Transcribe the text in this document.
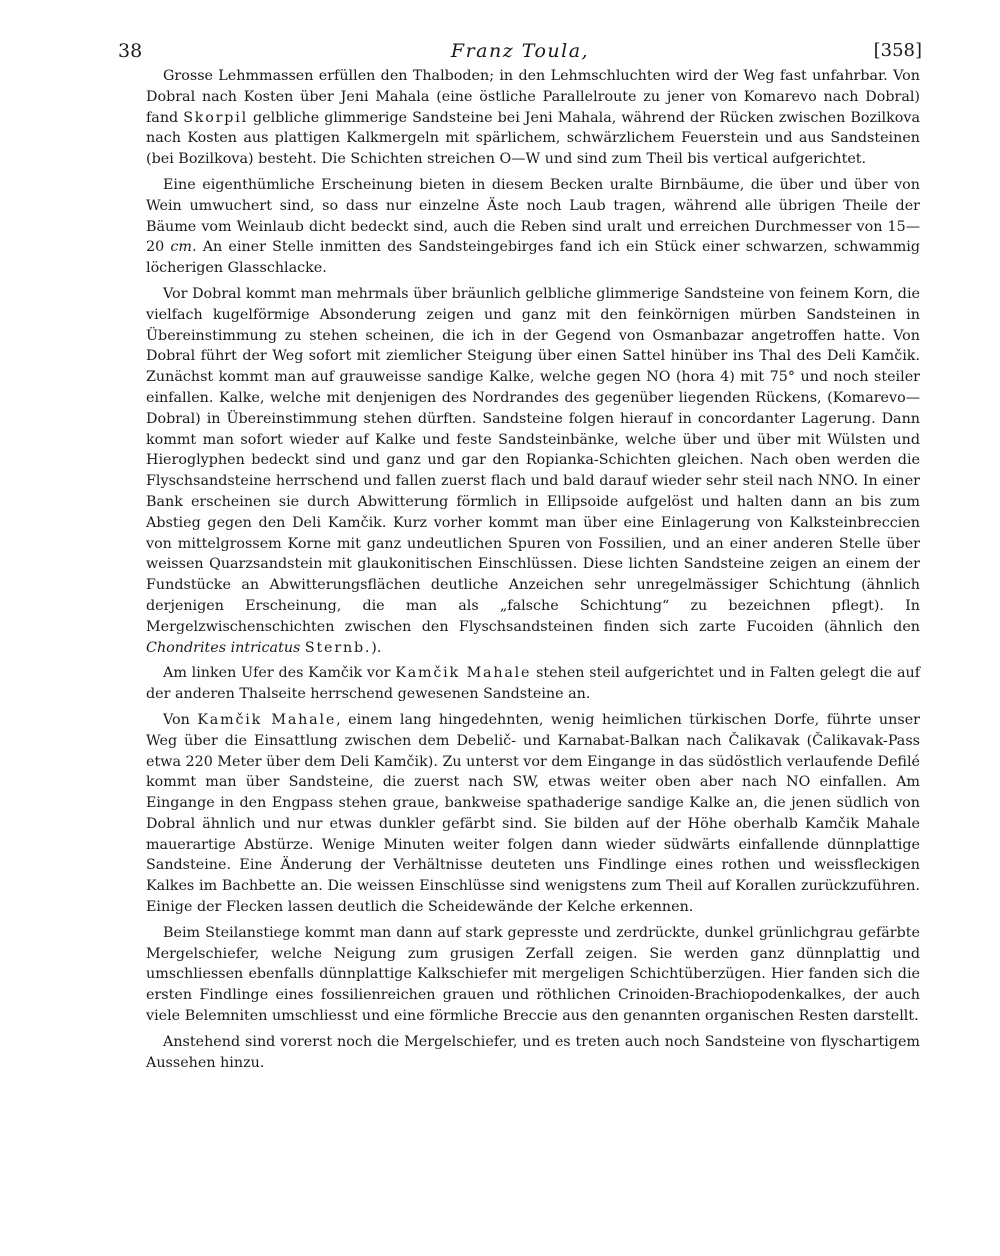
38	Franz Toula,	[358]

Grosse Lehmmassen erfüllen den Thalboden; in den Lehmschluchten wird der Weg fast unfahrbar. Von Dobral nach Kosten über Jeni Mahala (eine östliche Parallelroute zu jener von Komarevo nach Dobral) fand Skorpil gelbliche glimmerige Sandsteine bei Jeni Mahala, während der Rücken zwischen Bozilkova nach Kosten aus plattigen Kalkmergeln mit spärlichem, schwärzlichem Feuerstein und aus Sandsteinen (bei Bozilkova) besteht. Die Schichten streichen O—W und sind zum Theil bis vertical aufgerichtet.

Eine eigenthümliche Erscheinung bieten in diesem Becken uralte Birnbäume, die über und über von Wein umwuchert sind, so dass nur einzelne Äste noch Laub tragen, während alle übrigen Theile der Bäume vom Weinlaub dicht bedeckt sind, auch die Reben sind uralt und erreichen Durchmesser von 15—20 cm. An einer Stelle inmitten des Sandsteingebirges fand ich ein Stück einer schwarzen, schwammig löcherigen Glasschlacke.

Vor Dobral kommt man mehrmals über bräunlich gelbliche glimmerige Sandsteine von feinem Korn, die vielfach kugelförmige Absonderung zeigen und ganz mit den feinkörnigen mürben Sandsteinen in Übereinstimmung zu stehen scheinen, die ich in der Gegend von Osmanbazar angetroffen hatte. Von Dobral führt der Weg sofort mit ziemlicher Steigung über einen Sattel hinüber ins Thal des Deli Kamčik. Zunächst kommt man auf grauweisse sandige Kalke, welche gegen NO (hora 4) mit 75° und noch steiler einfallen. Kalke, welche mit denjenigen des Nordrandes des gegenüber liegenden Rückens, (Komarevo—Dobral) in Übereinstimmung stehen dürften. Sandsteine folgen hierauf in concordanter Lagerung. Dann kommt man sofort wieder auf Kalke und feste Sandsteinbänke, welche über und über mit Wülsten und Hieroglyphen bedeckt sind und ganz und gar den Ropianka-Schichten gleichen. Nach oben werden die Flyschsandsteine herrschend und fallen zuerst flach und bald darauf wieder sehr steil nach NNO. In einer Bank erscheinen sie durch Abwitterung förmlich in Ellipsoide aufgelöst und halten dann an bis zum Abstieg gegen den Deli Kamčik. Kurz vorher kommt man über eine Einlagerung von Kalksteinbreccien von mittelgrossem Korne mit ganz undeutlichen Spuren von Fossilien, und an einer anderen Stelle über weissen Quarzsandstein mit glaukonitischen Einschlüssen. Diese lichten Sandsteine zeigen an einem der Fundstücke an Abwitterungsflächen deutliche Anzeichen sehr unregelmässiger Schichtung (ähnlich derjenigen Erscheinung, die man als „falsche Schichtung“ zu bezeichnen pflegt). In Mergelzwischenschichten zwischen den Flyschsandsteinen finden sich zarte Fucoiden (ähnlich den Chondrites intricatus Sternb.).

Am linken Ufer des Kamčik vor Kamčik Mahale stehen steil aufgerichtet und in Falten gelegt die auf der anderen Thalseite herrschend gewesenen Sandsteine an.

Von Kamčik Mahale, einem lang hingedehnten, wenig heimlichen türkischen Dorfe, führte unser Weg über die Einsattlung zwischen dem Debelič- und Karnabat-Balkan nach Čalikavak (Čalikavak-Pass etwa 220 Meter über dem Deli Kamčik). Zu unterst vor dem Eingange in das südöstlich verlaufende Defilé kommt man über Sandsteine, die zuerst nach SW, etwas weiter oben aber nach NO einfallen. Am Eingange in den Engpass stehen graue, bankweise spathaderige sandige Kalke an, die jenen südlich von Dobral ähnlich und nur etwas dunkler gefärbt sind. Sie bilden auf der Höhe oberhalb Kamčik Mahale mauerartige Abstürze. Wenige Minuten weiter folgen dann wieder südwärts einfallende dünnplattige Sandsteine. Eine Änderung der Verhältnisse deuteten uns Findlinge eines rothen und weissfleckigen Kalkes im Bachbette an. Die weissen Einschlüsse sind wenigstens zum Theil auf Korallen zurückzuführen. Einige der Flecken lassen deutlich die Scheidewände der Kelche erkennen.

Beim Steilanstiege kommt man dann auf stark gepresste und zerdrückte, dunkel grünlichgrau gefärbte Mergelschiefer, welche Neigung zum grusigen Zerfall zeigen. Sie werden ganz dünnplattig und umschliessen ebenfalls dünnplattige Kalkschiefer mit mergeligen Schichtüberzügen. Hier fanden sich die ersten Findlinge eines fossilienreichen grauen und röthlichen Crinoiden-Brachiopodenkalkes, der auch viele Belemniten umschliesst und eine förmliche Breccie aus den genannten organischen Resten darstellt.

Anstehend sind vorerst noch die Mergelschiefer, und es treten auch noch Sandsteine von flyschartigem Aussehen hinzu.
